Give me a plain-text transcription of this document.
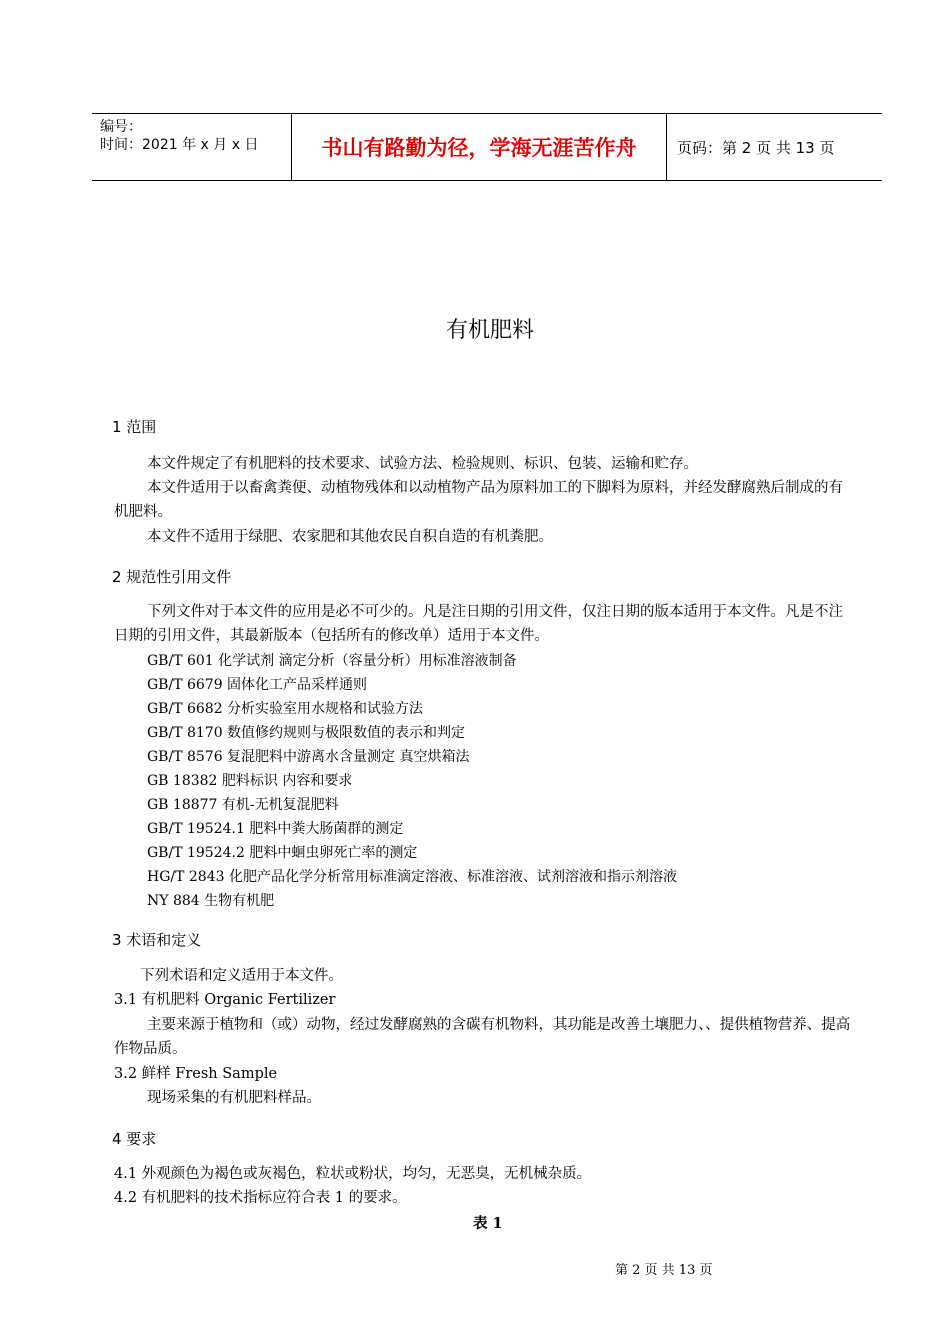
编号：
时间：2021 年 x 月 x 日	书山有路勤为径，学海无涯苦作舟	页码：第 2 页 共 13 页
有机肥料
1 范围
本文件规定了有机肥料的技术要求、试验方法、检验规则、标识、包装、运输和贮存。
本文件适用于以畜禽粪便、动植物残体和以动植物产品为原料加工的下脚料为原料，并经发酵腐熟后制成的有机肥料。
本文件不适用于绿肥、农家肥和其他农民自积自造的有机粪肥。
2 规范性引用文件
下列文件对于本文件的应用是必不可少的。凡是注日期的引用文件，仅注日期的版本适用于本文件。凡是不注日期的引用文件，其最新版本（包括所有的修改单）适用于本文件。
GB/T 601 化学试剂 滴定分析（容量分析）用标准溶液制备
GB/T 6679 固体化工产品采样通则
GB/T 6682 分析实验室用水规格和试验方法
GB/T 8170 数值修约规则与极限数值的表示和判定
GB/T 8576 复混肥料中游离水含量测定 真空烘箱法
GB 18382 肥料标识 内容和要求
GB 18877 有机-无机复混肥料
GB/T 19524.1 肥料中粪大肠菌群的测定
GB/T 19524.2 肥料中蛔虫卵死亡率的测定
HG/T 2843 化肥产品化学分析常用标准滴定溶液、标准溶液、试剂溶液和指示剂溶液
NY 884 生物有机肥
3 术语和定义
下列术语和定义适用于本文件。
3.1 有机肥料 Organic Fertilizer
主要来源于植物和（或）动物，经过发酵腐熟的含碳有机物料，其功能是改善土壤肥力、、提供植物营养、提高作物品质。
3.2 鲜样 Fresh Sample
现场采集的有机肥料样品。
4 要求
4.1 外观颜色为褐色或灰褐色，粒状或粉状，均匀，无恶臭，无机械杂质。
4.2 有机肥料的技术指标应符合表 1 的要求。
表 1
第 2 页 共 13 页
